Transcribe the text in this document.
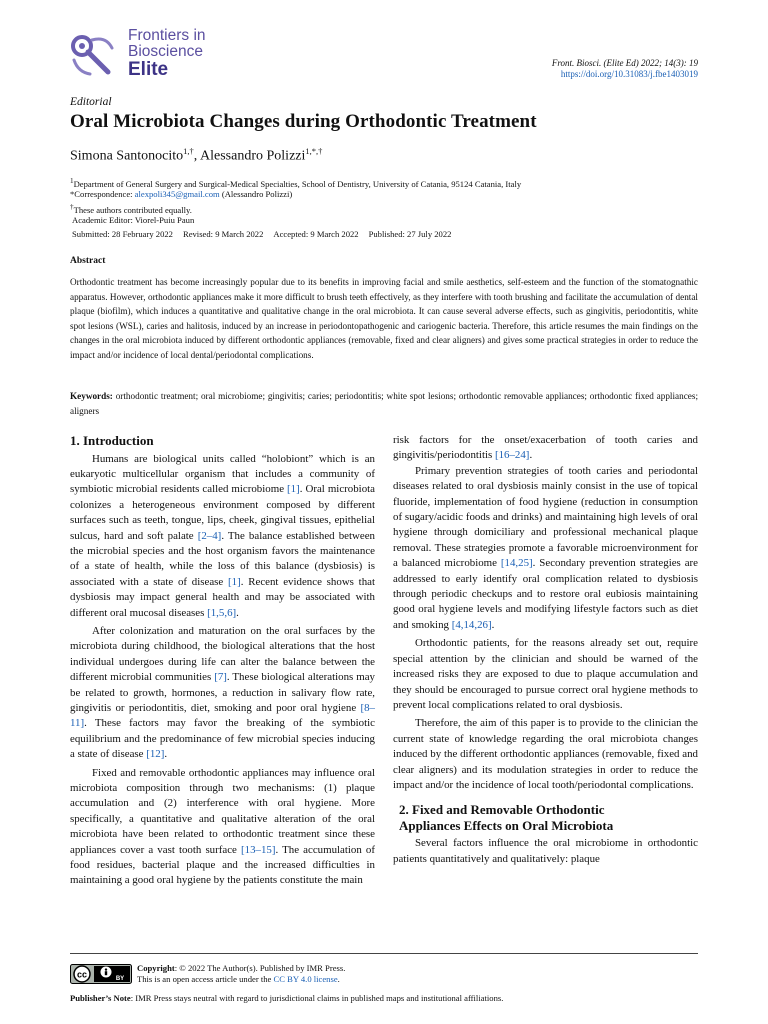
Frontiers in
Bioscience
Elite	Front. Biosci. (Elite Ed) 2022; 14(3): 19
https://doi.org/10.31083/j.fbe1403019
Editorial
Oral Microbiota Changes during Orthodontic Treatment
Simona Santonocito$^{1,\dagger}$, Alessandro Polizzi$^{1,*,\dagger}$
$^1$Department of General Surgery and Surgical-Medical Specialties, School of Dentistry, University of Catania, 95124 Catania, Italy
*Correspondence: alexpoli345@gmail.com (Alessandro Polizzi)
†These authors contributed equally.
Academic Editor: Viorel-Puiu Paun
Submitted: 28 February 2022 Revised: 9 March 2022 Accepted: 9 March 2022 Published: 27 July 2022
Abstract
Orthodontic treatment has become increasingly popular due to its benefits in improving facial and smile aesthetics, self-esteem and the function of the stomatognathic apparatus. However, orthodontic appliances make it more difficult to brush teeth effectively, as they interfere with tooth brushing and facilitate the accumulation of dental plaque (biofilm), which induces a quantitative and qualitative change in the oral microbiota. It can cause several adverse effects, such as gingivitis, periodontitis, white spot lesions (WSL), caries and halitosis, induced by an increase in periodontopathogenic and cariogenic bacteria. Therefore, this article resumes the main findings on the changes in the oral microbiota induced by different orthodontic appliances (removable, fixed and clear aligners) and gives some practical strategies in order to reduce the impact and/or incidence of local dental/periodontal complications.
Keywords: orthodontic treatment; oral microbiome; gingivitis; caries; periodontitis; white spot lesions; orthodontic removable appliances; orthodontic fixed appliances; aligners
1. Introduction

Humans are biological units called “holobiont” which is an eukaryotic multicellular organism that includes a community of symbiotic microbial residents called microbiome [1]. Oral microbiota colonizes a heterogeneous environment composed by different surfaces such as teeth, tongue, lips, cheek, gingival tissues, epithelial sulcus, hard and soft palate [2–4]. The balance established between the microbial species and the host organism favors the maintenance of a state of health, while the loss of this balance (dysbiosis) is associated with a state of disease [1]. Recent evidence shows that dysbiosis may impact general health and may be associated with different oral mucosal diseases [1,5,6].

After colonization and maturation on the oral surfaces by the microbiota during childhood, the biological alterations that the host individual undergoes during life can alter the balance between the different microbial communities [7]. These biological alterations may be related to growth, hormones, a reduction in salivary flow rate, gingivitis or periodontitis, diet, smoking and poor oral hygiene [8–11]. These factors may favor the breaking of the symbiotic equilibrium and the predominance of few microbial species inducing a state of disease [12].

Fixed and removable orthodontic appliances may influence oral microbiota composition through two mechanisms: (1) plaque accumulation and (2) interference with oral hygiene. More specifically, a quantitative and qualitative alteration of the oral microbiota have been related to orthodontic treatment since these appliances cover a vast tooth surface [13–15]. The accumulation of food residues, bacterial plaque and the increased difficulties in maintaining a good oral hygiene by the patients constitute the main

risk factors for the onset/exacerbation of tooth caries and gingivitis/periodontitis [16–24].

Primary prevention strategies of tooth caries and periodontal diseases related to oral dysbiosis mainly consist in the use of topical fluoride, implementation of food hygiene (reduction in consumption of sugary/acidic foods and drinks) and maintaining high levels of oral hygiene through domiciliary and professional mechanical plaque removal. These strategies promote a favorable microenvironment for a balanced microbiome [14,25]. Secondary prevention strategies are addressed to early identify oral complication related to dysbiosis through periodic checkups and to restore oral eubiosis maintaining good oral hygiene levels and modifying lifestyle factors such as diet and smoking [4,14,26].

Orthodontic patients, for the reasons already set out, require special attention by the clinician and should be warned of the increased risks they are exposed to due to plaque accumulation and they should be encouraged to pursue correct oral hygiene methods to prevent local complications related to oral dysbiosis.

Therefore, the aim of this paper is to provide to the clinician the current state of knowledge regarding the oral microbiota changes induced by the different orthodontic appliances (removable, fixed and clear aligners) and its modulation strategies in order to reduce the impact and/or the incidence of local tooth/periodontal complications.

2. Fixed and Removable Orthodontic
Appliances Effects on Oral Microbiota

Several factors influence the oral microbiome in orthodontic patients quantitatively and qualitatively: plaque

cc	BY
Copyright: © 2022 The Author(s). Published by IMR Press.
This is an open access article under the CC BY 4.0 license.
Publisher’s Note: IMR Press stays neutral with regard to jurisdictional claims in published maps and institutional affiliations.
